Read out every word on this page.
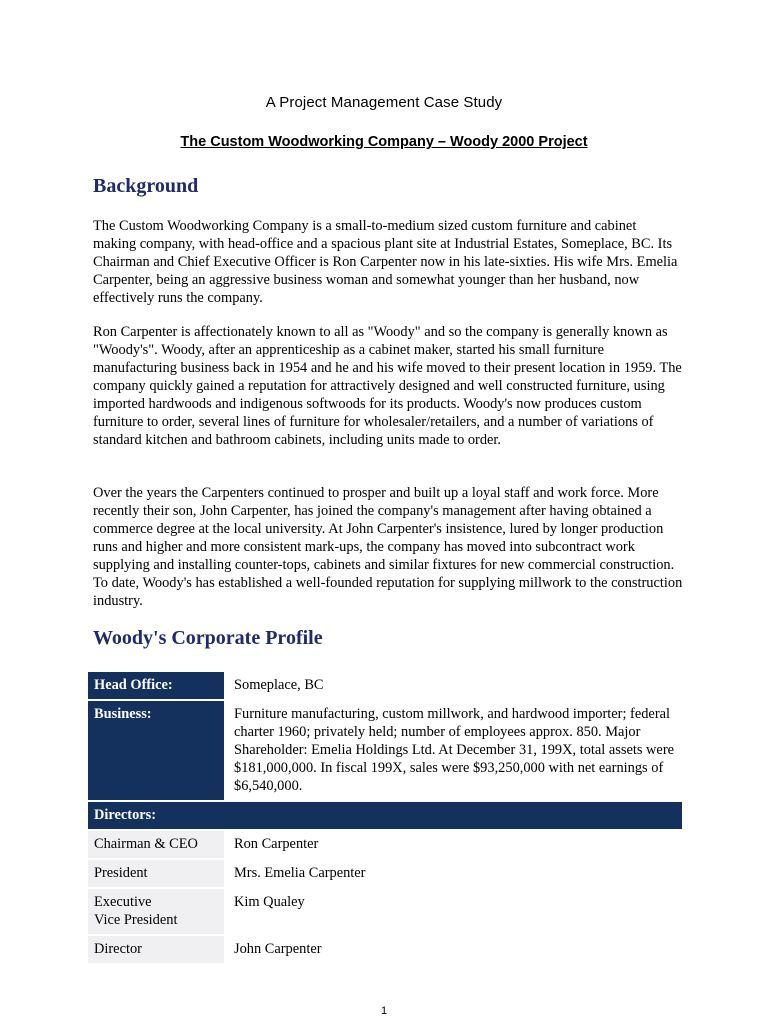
A Project Management Case Study
The Custom Woodworking Company – Woody 2000 Project
Background

The Custom Woodworking Company is a small-to-medium sized custom furniture and cabinet making company, with head-office and a spacious plant site at Industrial Estates, Someplace, BC. Its Chairman and Chief Executive Officer is Ron Carpenter now in his late-sixties. His wife Mrs. Emelia Carpenter, being an aggressive business woman and somewhat younger than her husband, now effectively runs the company.

Ron Carpenter is affectionately known to all as "Woody" and so the company is generally known as "Woody's". Woody, after an apprenticeship as a cabinet maker, started his small furniture manufacturing business back in 1954 and he and his wife moved to their present location in 1959. The company quickly gained a reputation for attractively designed and well constructed furniture, using imported hardwoods and indigenous softwoods for its products. Woody's now produces custom furniture to order, several lines of furniture for wholesaler/retailers, and a number of variations of standard kitchen and bathroom cabinets, including units made to order.

Over the years the Carpenters continued to prosper and built up a loyal staff and work force. More recently their son, John Carpenter, has joined the company's management after having obtained a commerce degree at the local university. At John Carpenter's insistence, lured by longer production runs and higher and more consistent mark-ups, the company has moved into subcontract work supplying and installing counter-tops, cabinets and similar fixtures for new commercial construction. To date, Woody's has established a well-founded reputation for supplying millwork to the construction industry.

Woody's Corporate Profile
Head Office:	Someplace, BC
Business:	Furniture manufacturing, custom millwork, and hardwood importer; federal charter 1960; privately held; number of employees approx. 850. Major Shareholder: Emelia Holdings Ltd. At December 31, 199X, total assets were $181,000,000. In fiscal 199X, sales were $93,250,000 with net earnings of $6,540,000.
Directors:	
Chairman & CEO	Ron Carpenter
President	Mrs. Emelia Carpenter
Executive
Vice President	Kim Qualey
Director	John Carpenter
1
